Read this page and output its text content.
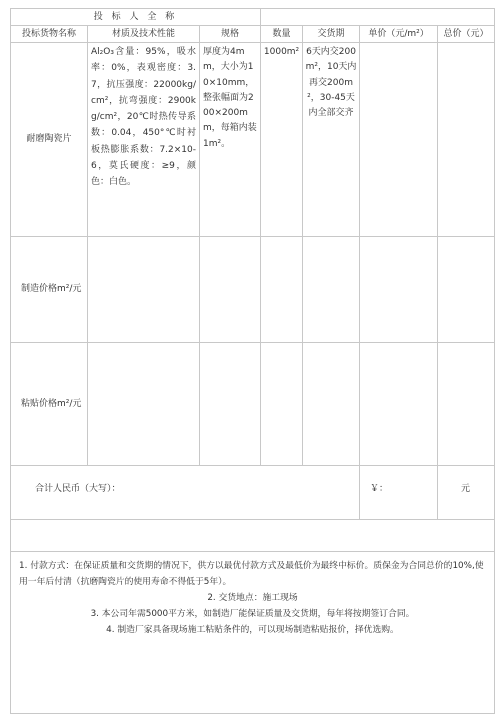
投 标 人 全 称						
投标货物名称	材质及技术性能	规格	数量	交货期	单价（元/m²）	总价（元）
耐磨陶瓷片	Al₂O₃含量：95%，吸水率：0%，表观密度：3.7，抗压强度：22000kg/cm²，抗弯强度：2900kg/cm²，20℃时热传导系数：0.04，450°℃时衬板热膨胀系数：7.2×10-6，莫氏硬度：≥9，颜色：白色。	厚度为4mm，大小为10×10mm，整张幅面为200×200mm，每箱内装1m²。	1000m²	6天内交200m²，10天内再交200m²，30-45天内全部交齐		
制造价格m²/元						
粘贴价格m²/元						
合计人民币（大写）：					￥：	元

1. 付款方式：在保证质量和交货期的情况下，供方以最优付款方式及最低价为最终中标价。质保金为合同总价的10%,使用一年后付清（抗磨陶瓷片的使用寿命不得低于5年）。

2. 交货地点：施工现场

3. 本公司年需5000平方米，如制造厂能保证质量及交货期，每年将按期签订合同。

4. 制造厂家具备现场施工粘贴条件的，可以现场制造粘贴报价，择优选购。						
